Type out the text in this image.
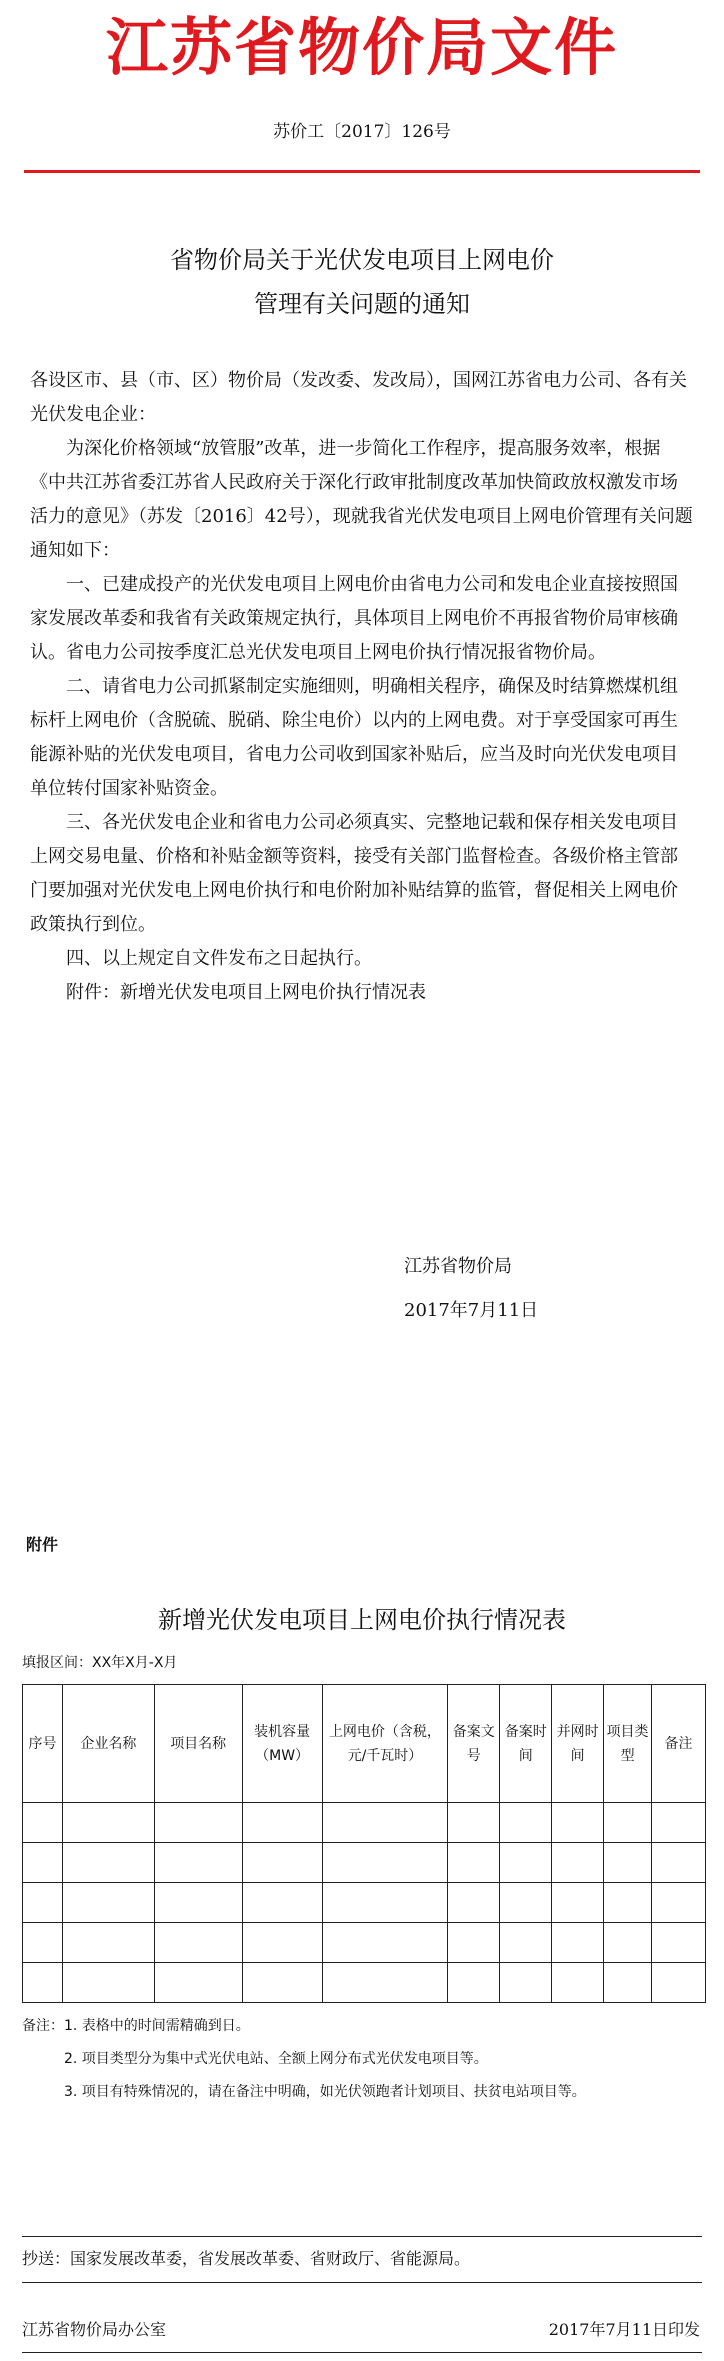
江苏省物价局文件
苏价工〔2017〕126号
省物价局关于光伏发电项目上网电价
管理有关问题的通知

各设区市、县（市、区）物价局（发改委、发改局），国网江苏省电力公司、各有关光伏发电企业：

为深化价格领域“放管服”改革，进一步简化工作程序，提高服务效率，根据《中共江苏省委江苏省人民政府关于深化行政审批制度改革加快简政放权激发市场活力的意见》（苏发〔2016〕42号），现就我省光伏发电项目上网电价管理有关问题通知如下：

一、已建成投产的光伏发电项目上网电价由省电力公司和发电企业直接按照国家发展改革委和我省有关政策规定执行，具体项目上网电价不再报省物价局审核确认。省电力公司按季度汇总光伏发电项目上网电价执行情况报省物价局。

二、请省电力公司抓紧制定实施细则，明确相关程序，确保及时结算燃煤机组标杆上网电价（含脱硫、脱硝、除尘电价）以内的上网电费。对于享受国家可再生能源补贴的光伏发电项目，省电力公司收到国家补贴后，应当及时向光伏发电项目单位转付国家补贴资金。

三、各光伏发电企业和省电力公司必须真实、完整地记载和保存相关发电项目上网交易电量、价格和补贴金额等资料，接受有关部门监督检查。各级价格主管部门要加强对光伏发电上网电价执行和电价附加补贴结算的监管，督促相关上网电价政策执行到位。

四、以上规定自文件发布之日起执行。

附件：新增光伏发电项目上网电价执行情况表

江苏省物价局
2017年7月11日
附件
新增光伏发电项目上网电价执行情况表
填报区间：XX年X月-X月
序号	企业名称	项目名称	装机容量（MW）	上网电价（含税，元/千瓦时）	备案文号	备案时间	并网时间	项目类型	备注

备注：1. 表格中的时间需精确到日。
2. 项目类型分为集中式光伏电站、全额上网分布式光伏发电项目等。
3. 项目有特殊情况的，请在备注中明确，如光伏领跑者计划项目、扶贫电站项目等。
抄送：国家发展改革委，省发展改革委、省财政厅、省能源局。
江苏省物价局办公室	2017年7月11日印发
